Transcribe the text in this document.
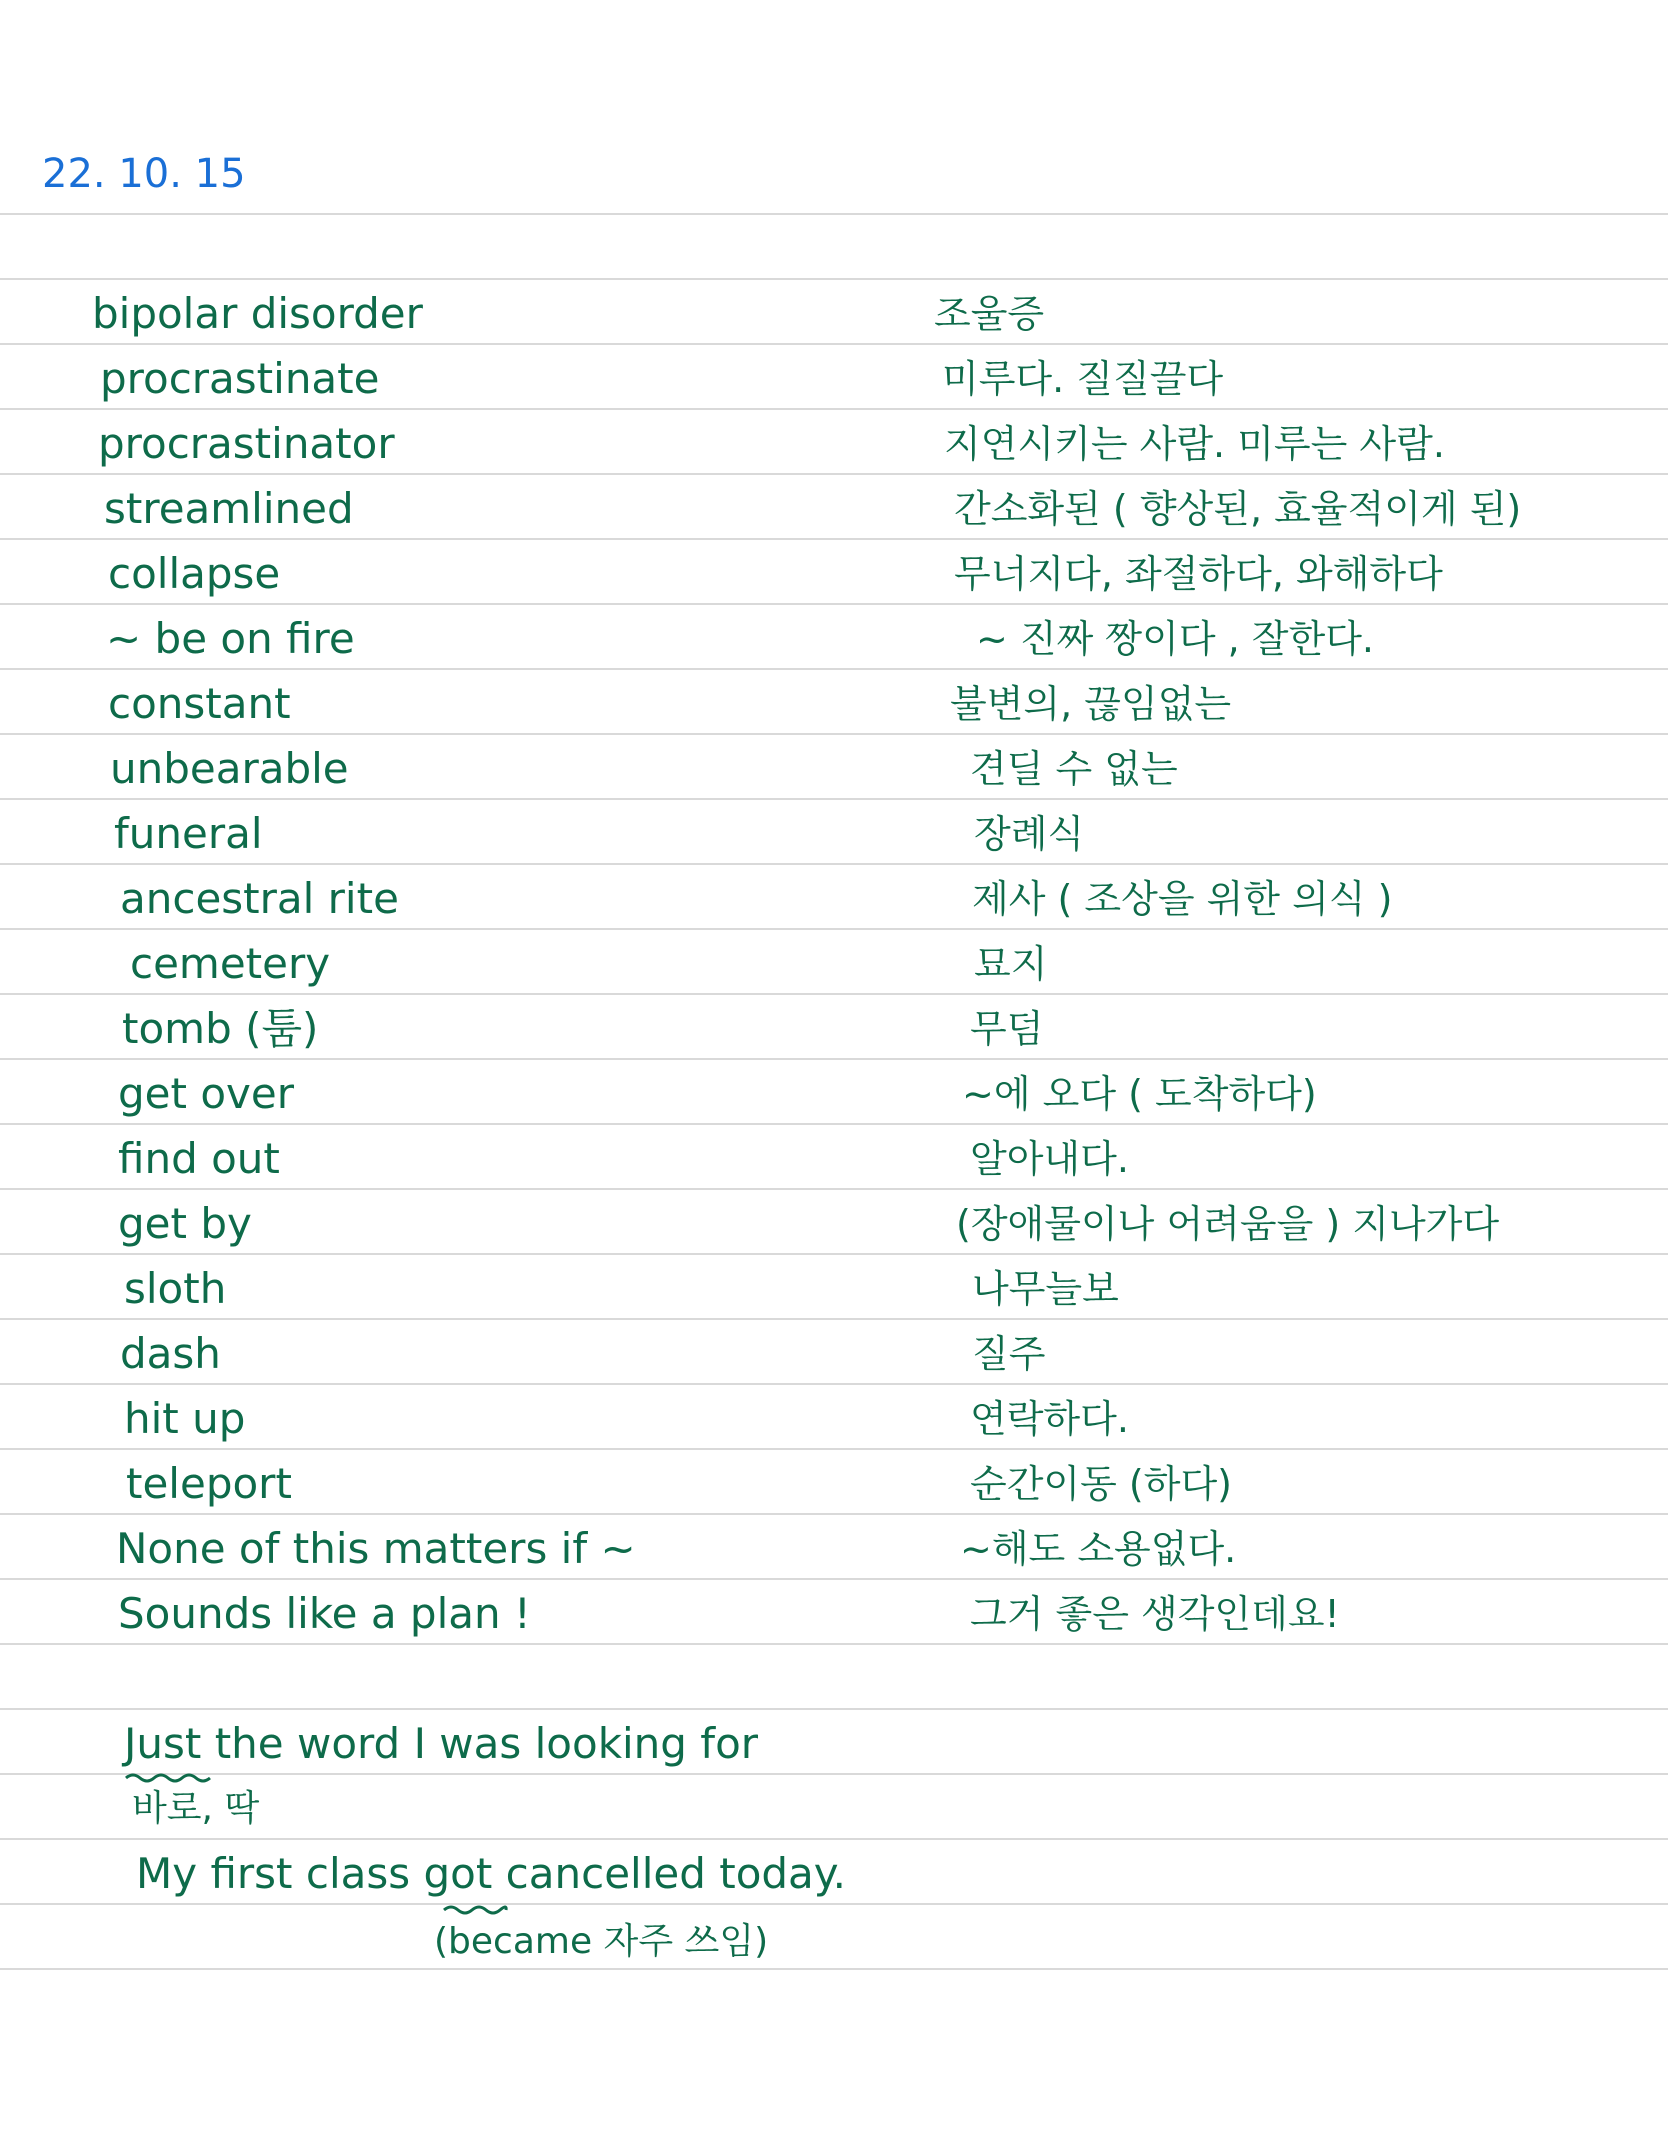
22. 10. 15
bipolar disorder
procrastinate
procrastinator
streamlined
collapse
~ be on fire
constant
unbearable
funeral
ancestral rite
cemetery
tomb (툼)
get over
find out
get by
sloth
dash
hit up
teleport
None of this matters if ~
Sounds like a plan !
조울증
미루다. 질질끌다
지연시키는 사람. 미루는 사람.
간소화된 ( 향상된, 효율적이게 된)
무너지다, 좌절하다, 와해하다
~ 진짜 짱이다 , 잘한다.
불변의, 끊임없는
견딜 수 없는
장례식
제사 ( 조상을 위한 의식 )
묘지
무덤
~에 오다 ( 도착하다)
알아내다.
(장애물이나 어려움을 ) 지나가다
나무늘보
질주
연락하다.
순간이동 (하다)
~해도 소용없다.
그거 좋은 생각인데요!
Just the word I was looking for
바로, 딱
My first class got cancelled today.
(became 자주 쓰임)
